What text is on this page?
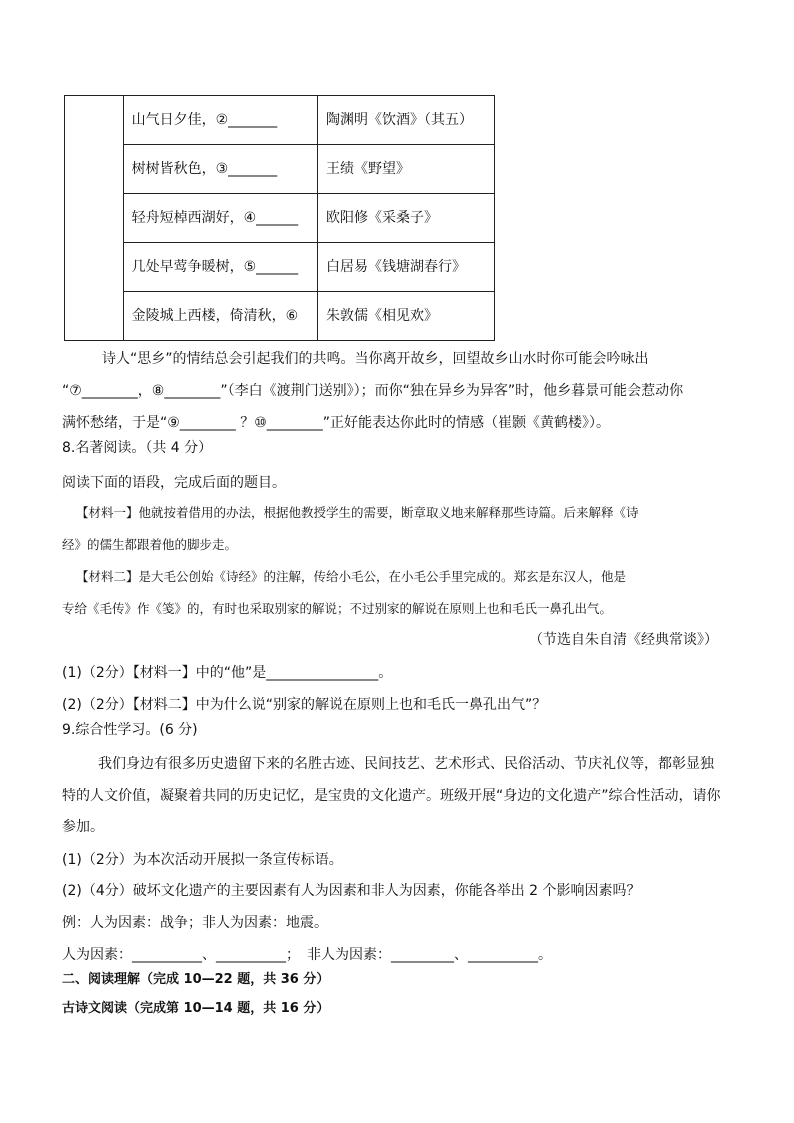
	山气日夕佳，②_______	陶渊明《饮酒》（其五）
	树树皆秋色，③_______	王绩《野望》
	轻舟短棹西湖好，④______	欧阳修《采桑子》
	几处早莺争暖树，⑤______	白居易《钱塘湖春行》
	金陵城上西楼，倚清秋，⑥	朱敦儒《相见欢》
诗人“思乡”的情结总会引起我们的共鸣。当你离开故乡，回望故乡山水时你可能会吟咏出
“⑦________，⑧________”（李白《渡荆门送别》）；而你“独在异乡为异客”时，他乡暮景可能会惹动你
满怀愁绪，于是“⑨________ ？⑩________”正好能表达你此时的情感（崔颢《黄鹤楼》）。
8.名著阅读。（共 4 分）
阅读下面的语段，完成后面的题目。
【材料一】他就按着借用的办法，根据他教授学生的需要，断章取义地来解释那些诗篇。后来解释《诗
经》的儒生都跟着他的脚步走。
【材料二】是大毛公创始《诗经》的注解，传给小毛公，在小毛公手里完成的。郑玄是东汉人，他是
专给《毛传》作《笺》的，有时也采取别家的解说；不过别家的解说在原则上也和毛氏一鼻孔出气。
（节选自朱自清《经典常谈》）
(1)（2分）【材料一】中的“他”是________________。
(2)（2分）【材料二】中为什么说“别家的解说在原则上也和毛氏一鼻孔出气”？
9.综合性学习。(6 分)
我们身边有很多历史遗留下来的名胜古迹、民间技艺、艺术形式、民俗活动、节庆礼仪等，都彰显独
特的人文价值，凝聚着共同的历史记忆，是宝贵的文化遗产。班级开展“身边的文化遗产”综合性活动，请你
参加。
(1)（2分）为本次活动开展拟一条宣传标语。
(2)（4分）破坏文化遗产的主要因素有人为因素和非人为因素，你能各举出 2 个影响因素吗？
例：人为因素：战争；非人为因素：地震。
人为因素：__________、__________；　非人为因素：_________、__________。
二、阅读理解（完成 10—22 题，共 36 分）
古诗文阅读（完成第 10—14 题，共 16 分）
